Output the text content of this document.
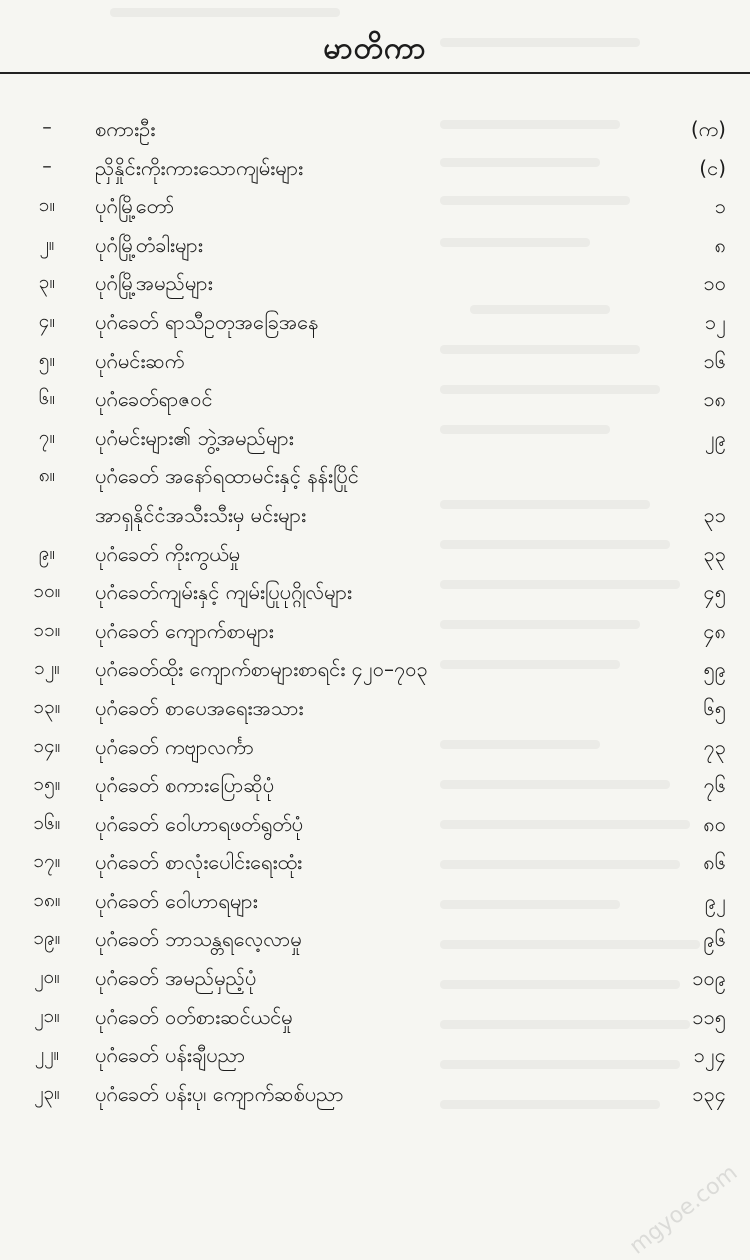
မာတိကာ
–	စကားဦး	(က)
–	ညှိနှိုင်းကိုးကားသောကျမ်းများ	(င)
၁။	ပုဂံမြို့တော်	၁
၂။	ပုဂံမြို့တံခါးများ	၈
၃။	ပုဂံမြို့အမည်များ	၁၀
၄။	ပုဂံခေတ် ရာသီဥတုအခြေအနေ	၁၂
၅။	ပုဂံမင်းဆက်	၁၆
၆။	ပုဂံခေတ်ရာဇဝင်	၁၈
၇။	ပုဂံမင်းများ၏ ဘွဲ့အမည်များ	၂၉
၈။	ပုဂံခေတ် အနော်ရထာမင်းနှင့် နန်းပြိုင်
အာရှနိုင်ငံအသီးသီးမှ မင်းများ	၃၁
၉။	ပုဂံခေတ် ကိုးကွယ်မှု	၃၃
၁၀။	ပုဂံခေတ်ကျမ်းနှင့် ကျမ်းပြုပုဂ္ဂိုလ်များ	၄၅
၁၁။	ပုဂံခေတ် ကျောက်စာများ	၄၈
၁၂။	ပုဂံခေတ်ထိုး ကျောက်စာများစာရင်း ၄၂၀–၇၀၃	၅၉
၁၃။	ပုဂံခေတ် စာပေအရေးအသား	၆၅
၁၄။	ပုဂံခေတ် ကဗျာလင်္ကာ	၇၃
၁၅။	ပုဂံခေတ် စကားပြောဆိုပုံ	၇၆
၁၆။	ပုဂံခေတ် ဝေါဟာရဖတ်ရွတ်ပုံ	၈၀
၁၇။	ပုဂံခေတ် စာလုံးပေါင်းရေးထုံး	၈၆
၁၈။	ပုဂံခေတ် ဝေါဟာရများ	၉၂
၁၉။	ပုဂံခေတ် ဘာသန္တရလေ့လာမှု	၉၆
၂၀။	ပုဂံခေတ် အမည်မှည့်ပုံ	၁၀၉
၂၁။	ပုဂံခေတ် ဝတ်စားဆင်ယင်မှု	၁၁၅
၂၂။	ပုဂံခေတ် ပန်းချီပညာ	၁၂၄
၂၃။	ပုဂံခေတ် ပန်းပု၊ ကျောက်ဆစ်ပညာ	၁၃၄
mgyoe.com
